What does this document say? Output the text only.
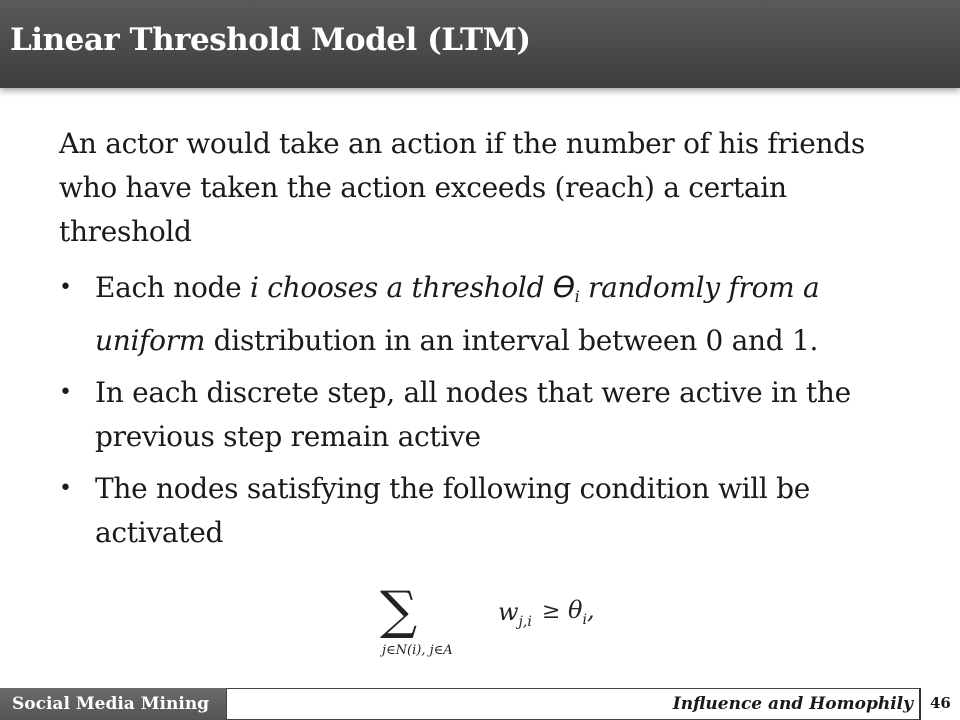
Linear Threshold Model (LTM)
An actor would take an action if the number of his friends who have taken the action exceeds (reach) a certain threshold
• Each node i chooses a threshold $ϴ_i$ randomly from a uniform distribution in an interval between 0 and 1.
• In each discrete step, all nodes that were active in the previous step remain active
• The nodes satisfying the following condition will be activated
∑
j∈N(i), j∈A
$w_{j,i} \ge \theta_i$,
Social Media Mining	Influence and Homophily 46
